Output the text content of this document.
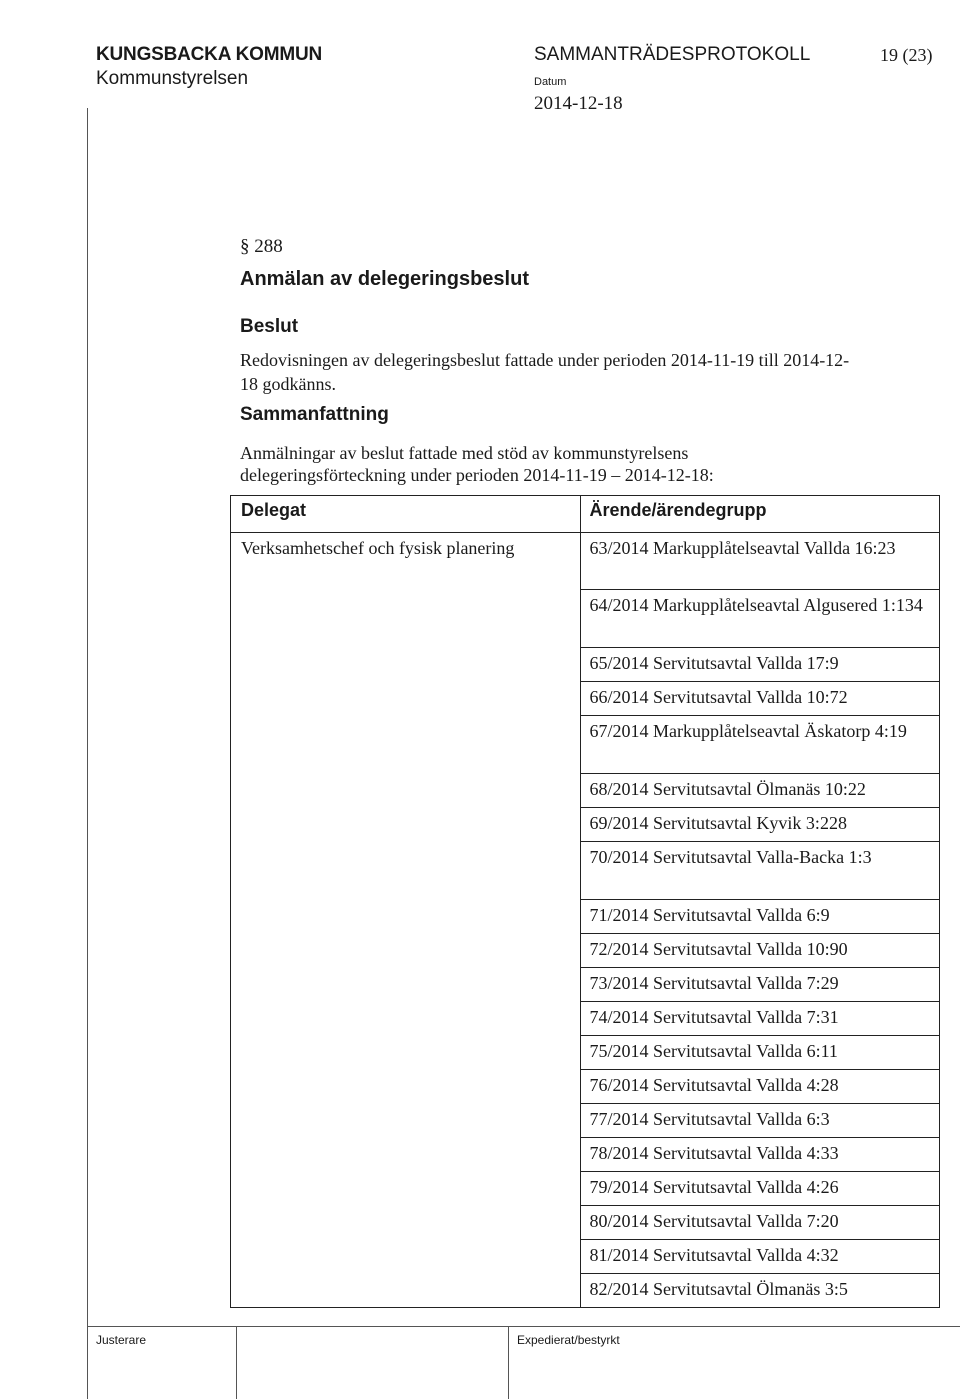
KUNGSBACKA KOMMUN
Kommunstyrelsen
SAMMANTRÄDESPROTOKOLL	19 (23)
Datum
2014-12-18
§ 288
Anmälan av delegeringsbeslut
Beslut
Redovisningen av delegeringsbeslut fattade under perioden 2014-11-19 till 2014-12-
18 godkänns.
Sammanfattning
Anmälningar av beslut fattade med stöd av kommunstyrelsens
delegeringsförteckning under perioden 2014-11-19 – 2014-12-18:
Delegat	Ärende/ärendegrupp

Verksamhetschef och fysisk planering	63/2014 Markupplåtelseavtal Vallda 16:23

	64/2014 Markupplåtelseavtal Algusered 1:134

	65/2014 Servitutsavtal Vallda 17:9

	66/2014 Servitutsavtal Vallda 10:72

	67/2014 Markupplåtelseavtal Äskatorp 4:19

	68/2014 Servitutsavtal Ölmanäs 10:22

	69/2014 Servitutsavtal Kyvik 3:228

	70/2014 Servitutsavtal Valla-Backa 1:3

	71/2014 Servitutsavtal Vallda 6:9

	72/2014 Servitutsavtal Vallda 10:90

	73/2014 Servitutsavtal Vallda 7:29

	74/2014 Servitutsavtal Vallda 7:31

	75/2014 Servitutsavtal Vallda 6:11

	76/2014 Servitutsavtal Vallda 4:28

	77/2014 Servitutsavtal Vallda 6:3

	78/2014 Servitutsavtal Vallda 4:33

	79/2014 Servitutsavtal Vallda 4:26

	80/2014 Servitutsavtal Vallda 7:20

	81/2014 Servitutsavtal Vallda 4:32

	82/2014 Servitutsavtal Ölmanäs 3:5
Justerare	Expedierat/bestyrkt
